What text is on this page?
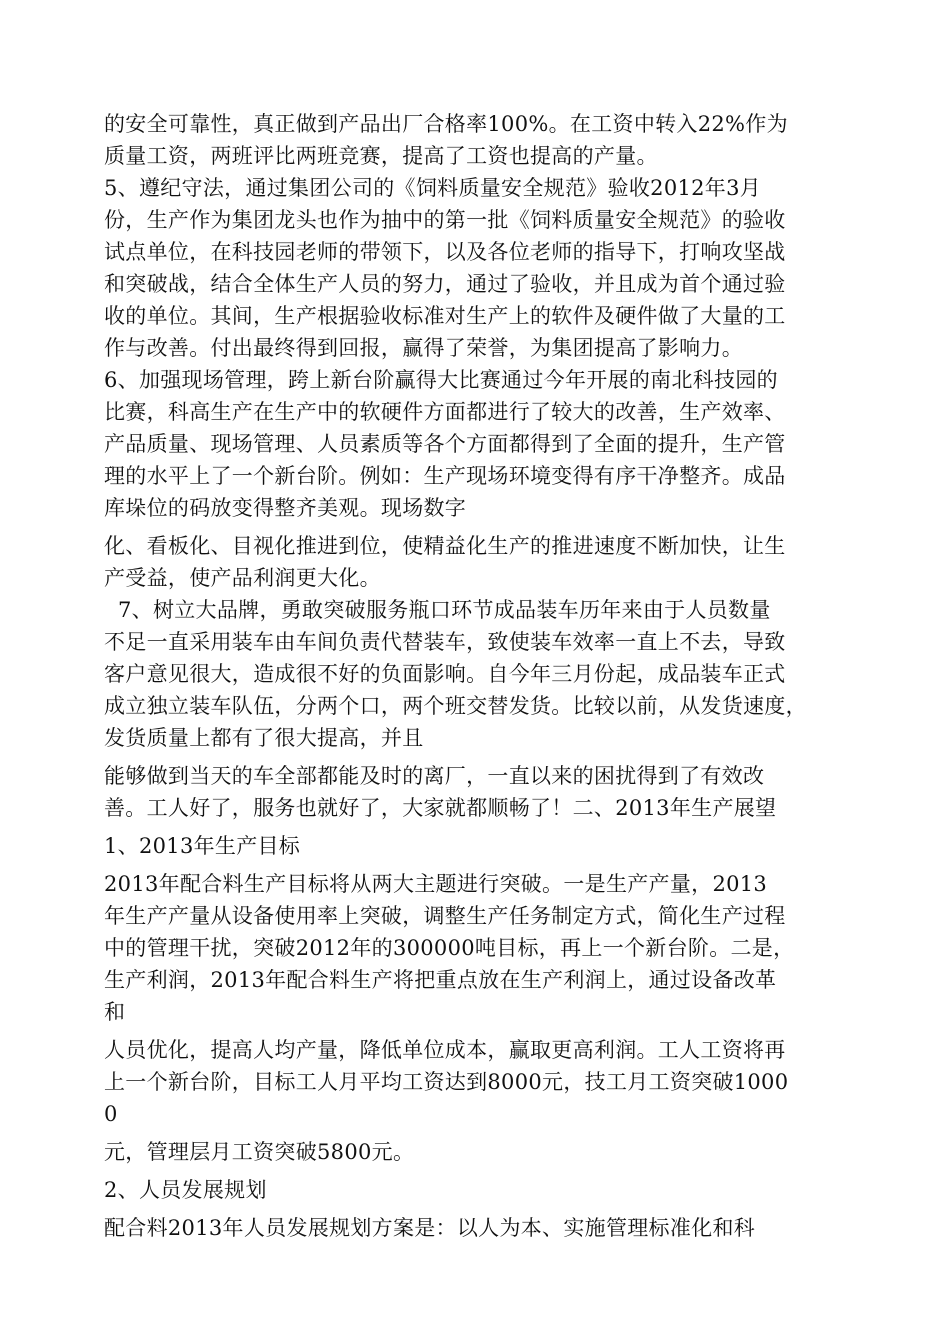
的安全可靠性，真正做到产品出厂合格率100%。在工资中转入22%作为
质量工资，两班评比两班竞赛，提高了工资也提高的产量。
5、遵纪守法，通过集团公司的《饲料质量安全规范》验收2012年3月
份，生产作为集团龙头也作为抽中的第一批《饲料质量安全规范》的验收
试点单位，在科技园老师的带领下，以及各位老师的指导下，打响攻坚战
和突破战，结合全体生产人员的努力，通过了验收，并且成为首个通过验
收的单位。其间，生产根据验收标准对生产上的软件及硬件做了大量的工
作与改善。付出最终得到回报，赢得了荣誉，为集团提高了影响力。
6、加强现场管理，跨上新台阶赢得大比赛通过今年开展的南北科技园的
比赛，科高生产在生产中的软硬件方面都进行了较大的改善，生产效率、
产品质量、现场管理、人员素质等各个方面都得到了全面的提升，生产管
理的水平上了一个新台阶。例如：生产现场环境变得有序干净整齐。成品
库垛位的码放变得整齐美观。现场数字
化、看板化、目视化推进到位，使精益化生产的推进速度不断加快，让生
产受益，使产品利润更大化。
7、树立大品牌，勇敢突破服务瓶口环节成品装车历年来由于人员数量
不足一直采用装车由车间负责代替装车，致使装车效率一直上不去，导致
客户意见很大，造成很不好的负面影响。自今年三月份起，成品装车正式
成立独立装车队伍，分两个口，两个班交替发货。比较以前，从发货速度，
发货质量上都有了很大提高，并且
能够做到当天的车全部都能及时的离厂，一直以来的困扰得到了有效改
善。工人好了，服务也就好了，大家就都顺畅了！二、2013年生产展望
1、2013年生产目标
2013年配合料生产目标将从两大主题进行突破。一是生产产量，2013
年生产产量从设备使用率上突破，调整生产任务制定方式，简化生产过程
中的管理干扰，突破2012年的300000吨目标，再上一个新台阶。二是，
生产利润，2013年配合料生产将把重点放在生产利润上，通过设备改革
和
人员优化，提高人均产量，降低单位成本，赢取更高利润。工人工资将再
上一个新台阶，目标工人月平均工资达到8000元，技工月工资突破1000
0
元，管理层月工资突破5800元。
2、人员发展规划
配合料2013年人员发展规划方案是：以人为本、实施管理标准化和科
